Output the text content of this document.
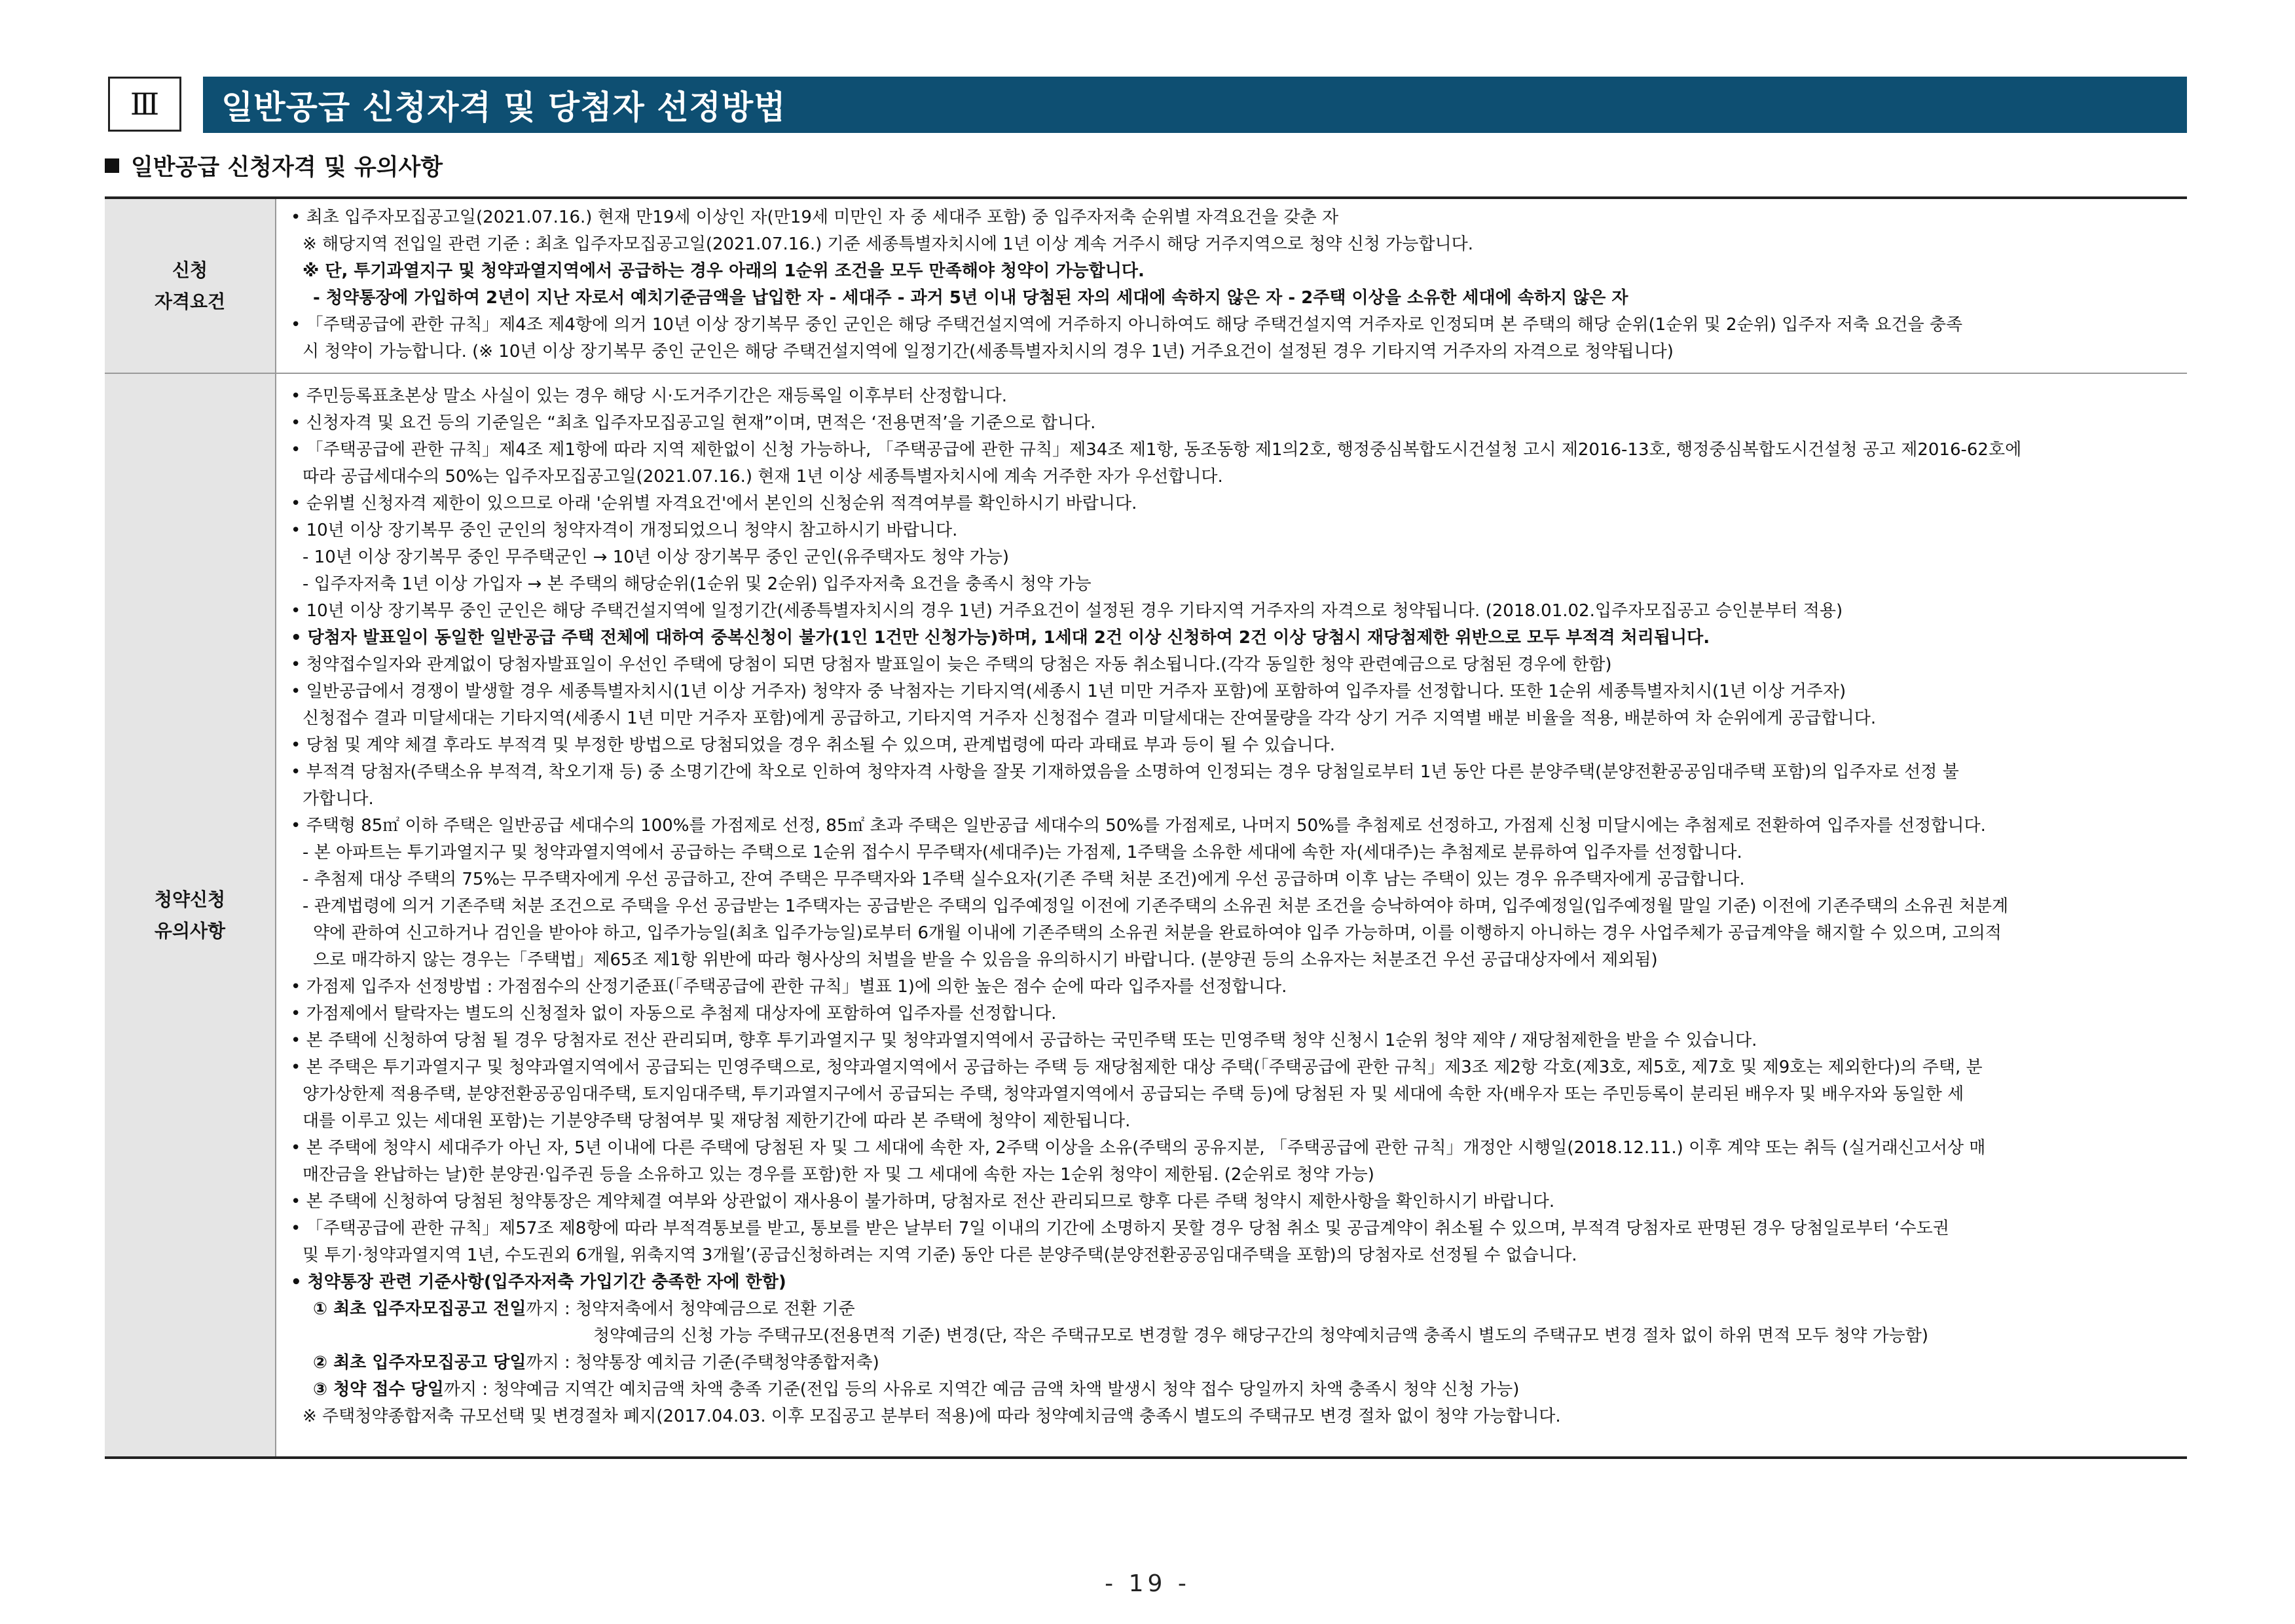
Ⅲ	일반공급 신청자격 및 당첨자 선정방법
일반공급 신청자격 및 유의사항
신청
자격요건
• 최초 입주자모집공고일(2021.07.16.) 현재 만19세 이상인 자(만19세 미만인 자 중 세대주 포함) 중 입주자저축 순위별 자격요건을 갖춘 자
※ 해당지역 전입일 관련 기준 : 최초 입주자모집공고일(2021.07.16.) 기준 세종특별자치시에 1년 이상 계속 거주시 해당 거주지역으로 청약 신청 가능합니다.
※ 단, 투기과열지구 및 청약과열지역에서 공급하는 경우 아래의 1순위 조건을 모두 만족해야 청약이 가능합니다.
- 청약통장에 가입하여 2년이 지난 자로서 예치기준금액을 납입한 자 - 세대주 - 과거 5년 이내 당첨된 자의 세대에 속하지 않은 자 - 2주택 이상을 소유한 세대에 속하지 않은 자
• 「주택공급에 관한 규칙」제4조 제4항에 의거 10년 이상 장기복무 중인 군인은 해당 주택건설지역에 거주하지 아니하여도 해당 주택건설지역 거주자로 인정되며 본 주택의 해당 순위(1순위 및 2순위) 입주자 저축 요건을 충족
시 청약이 가능합니다. (※ 10년 이상 장기복무 중인 군인은 해당 주택건설지역에 일정기간(세종특별자치시의 경우 1년) 거주요건이 설정된 경우 기타지역 거주자의 자격으로 청약됩니다)
청약신청
유의사항
• 주민등록표초본상 말소 사실이 있는 경우 해당 시·도거주기간은 재등록일 이후부터 산정합니다.
• 신청자격 및 요건 등의 기준일은 “최초 입주자모집공고일 현재”이며, 면적은 ‘전용면적’을 기준으로 합니다.
• 「주택공급에 관한 규칙」제4조 제1항에 따라 지역 제한없이 신청 가능하나, 「주택공급에 관한 규칙」제34조 제1항, 동조동항 제1의2호, 행정중심복합도시건설청 고시 제2016-13호, 행정중심복합도시건설청 공고 제2016-62호에
따라 공급세대수의 50%는 입주자모집공고일(2021.07.16.) 현재 1년 이상 세종특별자치시에 계속 거주한 자가 우선합니다.
• 순위별 신청자격 제한이 있으므로 아래 '순위별 자격요건'에서 본인의 신청순위 적격여부를 확인하시기 바랍니다.
• 10년 이상 장기복무 중인 군인의 청약자격이 개정되었으니 청약시 참고하시기 바랍니다.
- 10년 이상 장기복무 중인 무주택군인 → 10년 이상 장기복무 중인 군인(유주택자도 청약 가능)
- 입주자저축 1년 이상 가입자 → 본 주택의 해당순위(1순위 및 2순위) 입주자저축 요건을 충족시 청약 가능
• 10년 이상 장기복무 중인 군인은 해당 주택건설지역에 일정기간(세종특별자치시의 경우 1년) 거주요건이 설정된 경우 기타지역 거주자의 자격으로 청약됩니다. (2018.01.02.입주자모집공고 승인분부터 적용)
• 당첨자 발표일이 동일한 일반공급 주택 전체에 대하여 중복신청이 불가(1인 1건만 신청가능)하며, 1세대 2건 이상 신청하여 2건 이상 당첨시 재당첨제한 위반으로 모두 부적격 처리됩니다.
• 청약접수일자와 관계없이 당첨자발표일이 우선인 주택에 당첨이 되면 당첨자 발표일이 늦은 주택의 당첨은 자동 취소됩니다.(각각 동일한 청약 관련예금으로 당첨된 경우에 한함)
• 일반공급에서 경쟁이 발생할 경우 세종특별자치시(1년 이상 거주자) 청약자 중 낙첨자는 기타지역(세종시 1년 미만 거주자 포함)에 포함하여 입주자를 선정합니다. 또한 1순위 세종특별자치시(1년 이상 거주자)
신청접수 결과 미달세대는 기타지역(세종시 1년 미만 거주자 포함)에게 공급하고, 기타지역 거주자 신청접수 결과 미달세대는 잔여물량을 각각 상기 거주 지역별 배분 비율을 적용, 배분하여 차 순위에게 공급합니다.
• 당첨 및 계약 체결 후라도 부적격 및 부정한 방법으로 당첨되었을 경우 취소될 수 있으며, 관계법령에 따라 과태료 부과 등이 될 수 있습니다.
• 부적격 당첨자(주택소유 부적격, 착오기재 등) 중 소명기간에 착오로 인하여 청약자격 사항을 잘못 기재하였음을 소명하여 인정되는 경우 당첨일로부터 1년 동안 다른 분양주택(분양전환공공임대주택 포함)의 입주자로 선정 불
가합니다.
• 주택형 85㎡ 이하 주택은 일반공급 세대수의 100%를 가점제로 선정, 85㎡ 초과 주택은 일반공급 세대수의 50%를 가점제로, 나머지 50%를 추첨제로 선정하고, 가점제 신청 미달시에는 추첨제로 전환하여 입주자를 선정합니다.
- 본 아파트는 투기과열지구 및 청약과열지역에서 공급하는 주택으로 1순위 접수시 무주택자(세대주)는 가점제, 1주택을 소유한 세대에 속한 자(세대주)는 추첨제로 분류하여 입주자를 선정합니다.
- 추첨제 대상 주택의 75%는 무주택자에게 우선 공급하고, 잔여 주택은 무주택자와 1주택 실수요자(기존 주택 처분 조건)에게 우선 공급하며 이후 남는 주택이 있는 경우 유주택자에게 공급합니다.
- 관계법령에 의거 기존주택 처분 조건으로 주택을 우선 공급받는 1주택자는 공급받은 주택의 입주예정일 이전에 기존주택의 소유권 처분 조건을 승낙하여야 하며, 입주예정일(입주예정월 말일 기준) 이전에 기존주택의 소유권 처분계
약에 관하여 신고하거나 검인을 받아야 하고, 입주가능일(최초 입주가능일)로부터 6개월 이내에 기존주택의 소유권 처분을 완료하여야 입주 가능하며, 이를 이행하지 아니하는 경우 사업주체가 공급계약을 해지할 수 있으며, 고의적
으로 매각하지 않는 경우는「주택법」제65조 제1항 위반에 따라 형사상의 처벌을 받을 수 있음을 유의하시기 바랍니다. (분양권 등의 소유자는 처분조건 우선 공급대상자에서 제외됨)
• 가점제 입주자 선정방법 : 가점점수의 산정기준표(「주택공급에 관한 규칙」별표 1)에 의한 높은 점수 순에 따라 입주자를 선정합니다.
• 가점제에서 탈락자는 별도의 신청절차 없이 자동으로 추첨제 대상자에 포함하여 입주자를 선정합니다.
• 본 주택에 신청하여 당첨 될 경우 당첨자로 전산 관리되며, 향후 투기과열지구 및 청약과열지역에서 공급하는 국민주택 또는 민영주택 청약 신청시 1순위 청약 제약 / 재당첨제한을 받을 수 있습니다.
• 본 주택은 투기과열지구 및 청약과열지역에서 공급되는 민영주택으로, 청약과열지역에서 공급하는 주택 등 재당첨제한 대상 주택(「주택공급에 관한 규칙」제3조 제2항 각호(제3호, 제5호, 제7호 및 제9호는 제외한다)의 주택, 분
양가상한제 적용주택, 분양전환공공임대주택, 토지임대주택, 투기과열지구에서 공급되는 주택, 청약과열지역에서 공급되는 주택 등)에 당첨된 자 및 세대에 속한 자(배우자 또는 주민등록이 분리된 배우자 및 배우자와 동일한 세
대를 이루고 있는 세대원 포함)는 기분양주택 당첨여부 및 재당첨 제한기간에 따라 본 주택에 청약이 제한됩니다.
• 본 주택에 청약시 세대주가 아닌 자, 5년 이내에 다른 주택에 당첨된 자 및 그 세대에 속한 자, 2주택 이상을 소유(주택의 공유지분, 「주택공급에 관한 규칙」개정안 시행일(2018.12.11.) 이후 계약 또는 취득 (실거래신고서상 매
매잔금을 완납하는 날)한 분양권·입주권 등을 소유하고 있는 경우를 포함)한 자 및 그 세대에 속한 자는 1순위 청약이 제한됨. (2순위로 청약 가능)
• 본 주택에 신청하여 당첨된 청약통장은 계약체결 여부와 상관없이 재사용이 불가하며, 당첨자로 전산 관리되므로 향후 다른 주택 청약시 제한사항을 확인하시기 바랍니다.
• 「주택공급에 관한 규칙」제57조 제8항에 따라 부적격통보를 받고, 통보를 받은 날부터 7일 이내의 기간에 소명하지 못할 경우 당첨 취소 및 공급계약이 취소될 수 있으며, 부적격 당첨자로 판명된 경우 당첨일로부터 ‘수도권
및 투기·청약과열지역 1년, 수도권외 6개월, 위축지역 3개월’(공급신청하려는 지역 기준) 동안 다른 분양주택(분양전환공공임대주택을 포함)의 당첨자로 선정될 수 없습니다.
• 청약통장 관련 기준사항(입주자저축 가입기간 충족한 자에 한함)
① 최초 입주자모집공고 전일까지 : 청약저축에서 청약예금으로 전환 기준
청약예금의 신청 가능 주택규모(전용면적 기준) 변경(단, 작은 주택규모로 변경할 경우 해당구간의 청약예치금액 충족시 별도의 주택규모 변경 절차 없이 하위 면적 모두 청약 가능함)
② 최초 입주자모집공고 당일까지 : 청약통장 예치금 기준(주택청약종합저축)
③ 청약 접수 당일까지 : 청약예금 지역간 예치금액 차액 충족 기준(전입 등의 사유로 지역간 예금 금액 차액 발생시 청약 접수 당일까지 차액 충족시 청약 신청 가능)
※ 주택청약종합저축 규모선택 및 변경절차 폐지(2017.04.03. 이후 모집공고 분부터 적용)에 따라 청약예치금액 충족시 별도의 주택규모 변경 절차 없이 청약 가능합니다.
- 19 -
